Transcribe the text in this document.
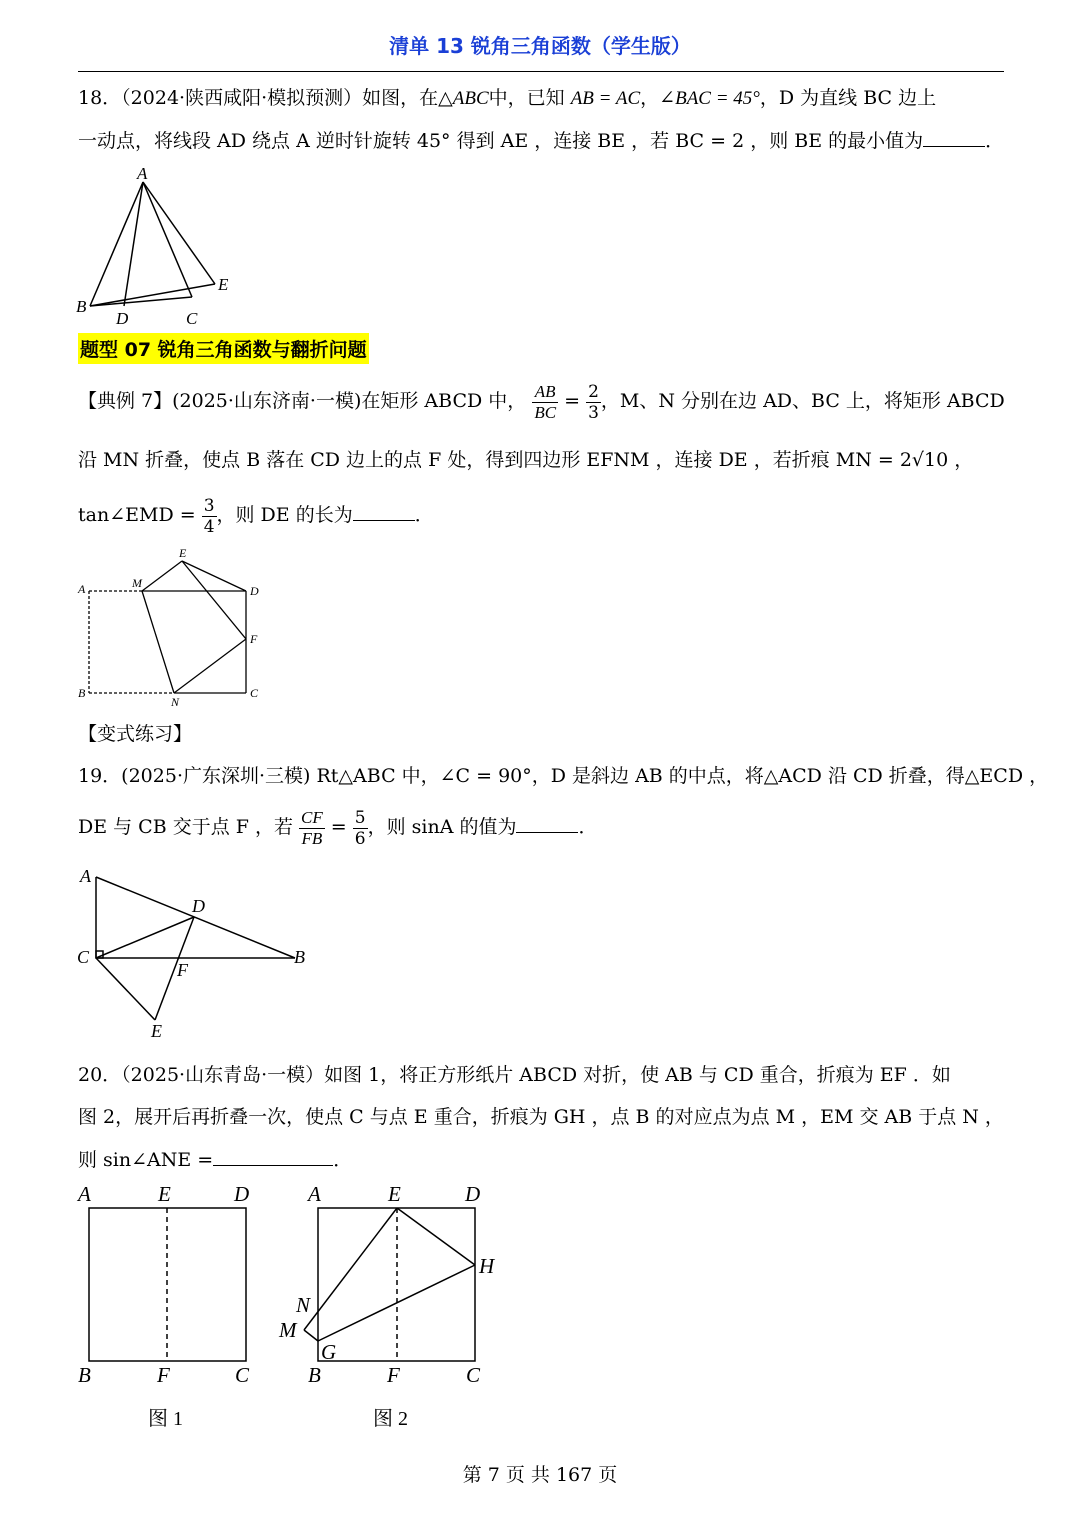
清单 13 锐角三角函数（学生版）
18．（2024·陕西咸阳·模拟预测）如图，在△ABC中，已知 AB = AC，∠BAC = 45°，D 为直线 BC 边上
一动点，将线段 AD 绕点 A 逆时针旋转 45° 得到 AE ，连接 BE ，若 BC = 2 ，则 BE 的最小值为	．
A
B
D	C
E
题型 07 锐角三角函数与翻折问题
【典例 7】(2025·山东济南·一模)在矩形 ABCD 中， $\frac{AB}{BC} = \frac{2}{3}$ ，M、N 分别在边 AD、BC 上，将矩形 ABCD
沿 MN 折叠，使点 B 落在 CD 边上的点 F 处，得到四边形 EFNM ，连接 DE ，若折痕 MN = 2√10 ，
tan∠EMD = $\frac{3}{4}$ ，则 DE 的长为	．
A	M
E
D
F
B
N
C
【变式练习】
19．(2025·广东深圳·三模) Rt△ABC 中，∠C = 90°，D 是斜边 AB 的中点，将△ACD 沿 CD 折叠，得△ECD ，
DE 与 CB 交于点 F ，若 $\frac{CF}{FB} = \frac{5}{6}$ ，则 sinA 的值为	．
A
D
C
F
B
E
20．（2025·山东青岛·一模）如图 1，将正方形纸片 ABCD 对折，使 AB 与 CD 重合，折痕为 EF ．如
图 2，展开后再折叠一次，使点 C 与点 E 重合，折痕为 GH ，点 B 的对应点为点 M ，EM 交 AB 于点 N ，
则 sin∠ANE =	．
A	E	D
B	F	C
A	E	D
H
N
M
G
B	F	C
图 1	图 2
第 7 页 共 167 页
